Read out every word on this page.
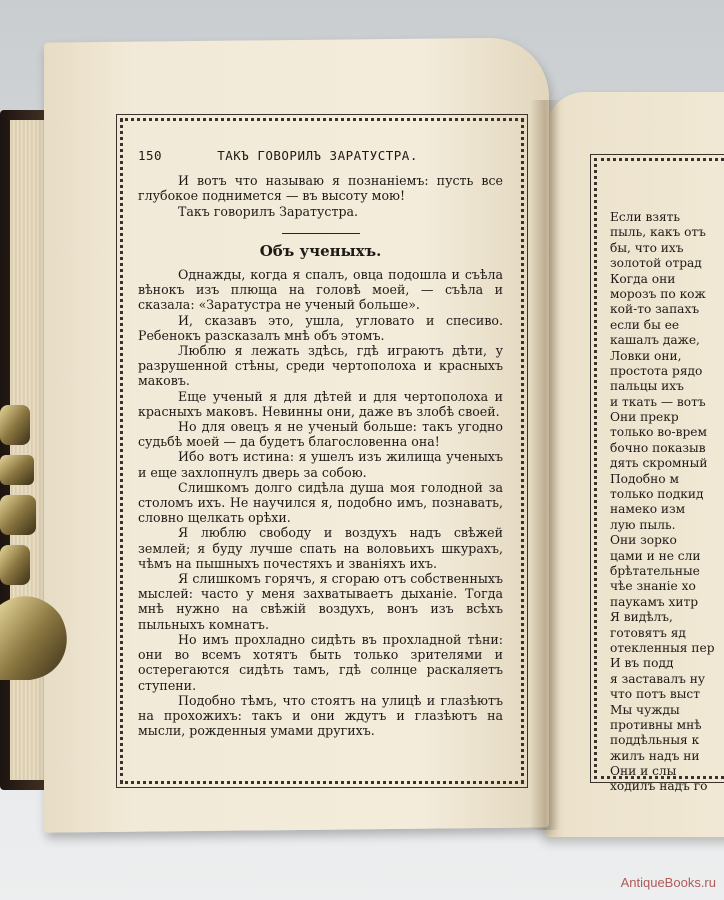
Если взять
пыль, какъ отъ
бы, что ихъ
золотой отрад
Когда они
морозъ по кож
кой-то запахъ
если бы ее
кашалъ даже,
Ловки они,
простота рядо
пальцы ихъ
и ткать — вотъ
Они прекр
только во-врем
бочно показыв
дять скромный
Подобно м
только подкид
намеко изм
лую пыль.
Они зорко
цами и не сли
брѣтательные
чѣе знаніе хо
паукамъ хитр
Я видѣлъ,
готовятъ яд
отекленныя пер
И въ подд
я заставалъ ну
что потъ выст
Мы чужды
противны мнѣ
поддѣльныя к
жилъ надъ ни
Они и слы
ходилъ надъ го
150	ТАКЪ ГОВОРИЛЪ ЗАРАТУСТРА.

И вотъ что называю я познаніемъ: пусть все глубокое поднимется — въ высоту мою!

Такъ говорилъ Заратустра.

Объ ученыхъ.

Однажды, когда я спалъ, овца подошла и съѣла вѣнокъ изъ плюща на головѣ моей, — съѣла и сказала: «Заратустра не ученый больше».

И, сказавъ это, ушла, угловато и спесиво. Ребенокъ разсказалъ мнѣ объ этомъ.

Люблю я лежать здѣсь, гдѣ играютъ дѣти, у разрушенной стѣны, среди чертополоха и красныхъ маковъ.

Еще ученый я для дѣтей и для чертополоха и красныхъ маковъ. Невинны они, даже въ злобѣ своей.

Но для овецъ я не ученый больше: такъ угодно судьбѣ моей — да будетъ благословенна она!

Ибо вотъ истина: я ушелъ изъ жилища ученыхъ и еще захлопнулъ дверь за собою.

Слишкомъ долго сидѣла душа моя голодной за столомъ ихъ. Не научился я, подобно имъ, познавать, словно щелкать орѣхи.

Я люблю свободу и воздухъ надъ свѣжей землей; я буду лучше спать на воловьихъ шкурахъ, чѣмъ на пышныхъ почестяхъ и званіяхъ ихъ.

Я слишкомъ горячъ, я сгораю отъ собственныхъ мыслей: часто у меня захватываетъ дыханіе. Тогда мнѣ нужно на свѣжій воздухъ, вонъ изъ всѣхъ пыльныхъ комнатъ.

Но имъ прохладно сидѣть въ прохладной тѣни: они во всемъ хотятъ быть только зрителями и остерегаются сидѣть тамъ, гдѣ солнце раскаляетъ ступени.

Подобно тѣмъ, что стоятъ на улицѣ и глазѣютъ на прохожихъ: такъ и они ждутъ и глазѣютъ на мысли, рожденныя умами другихъ.

AntiqueBooks.ru
